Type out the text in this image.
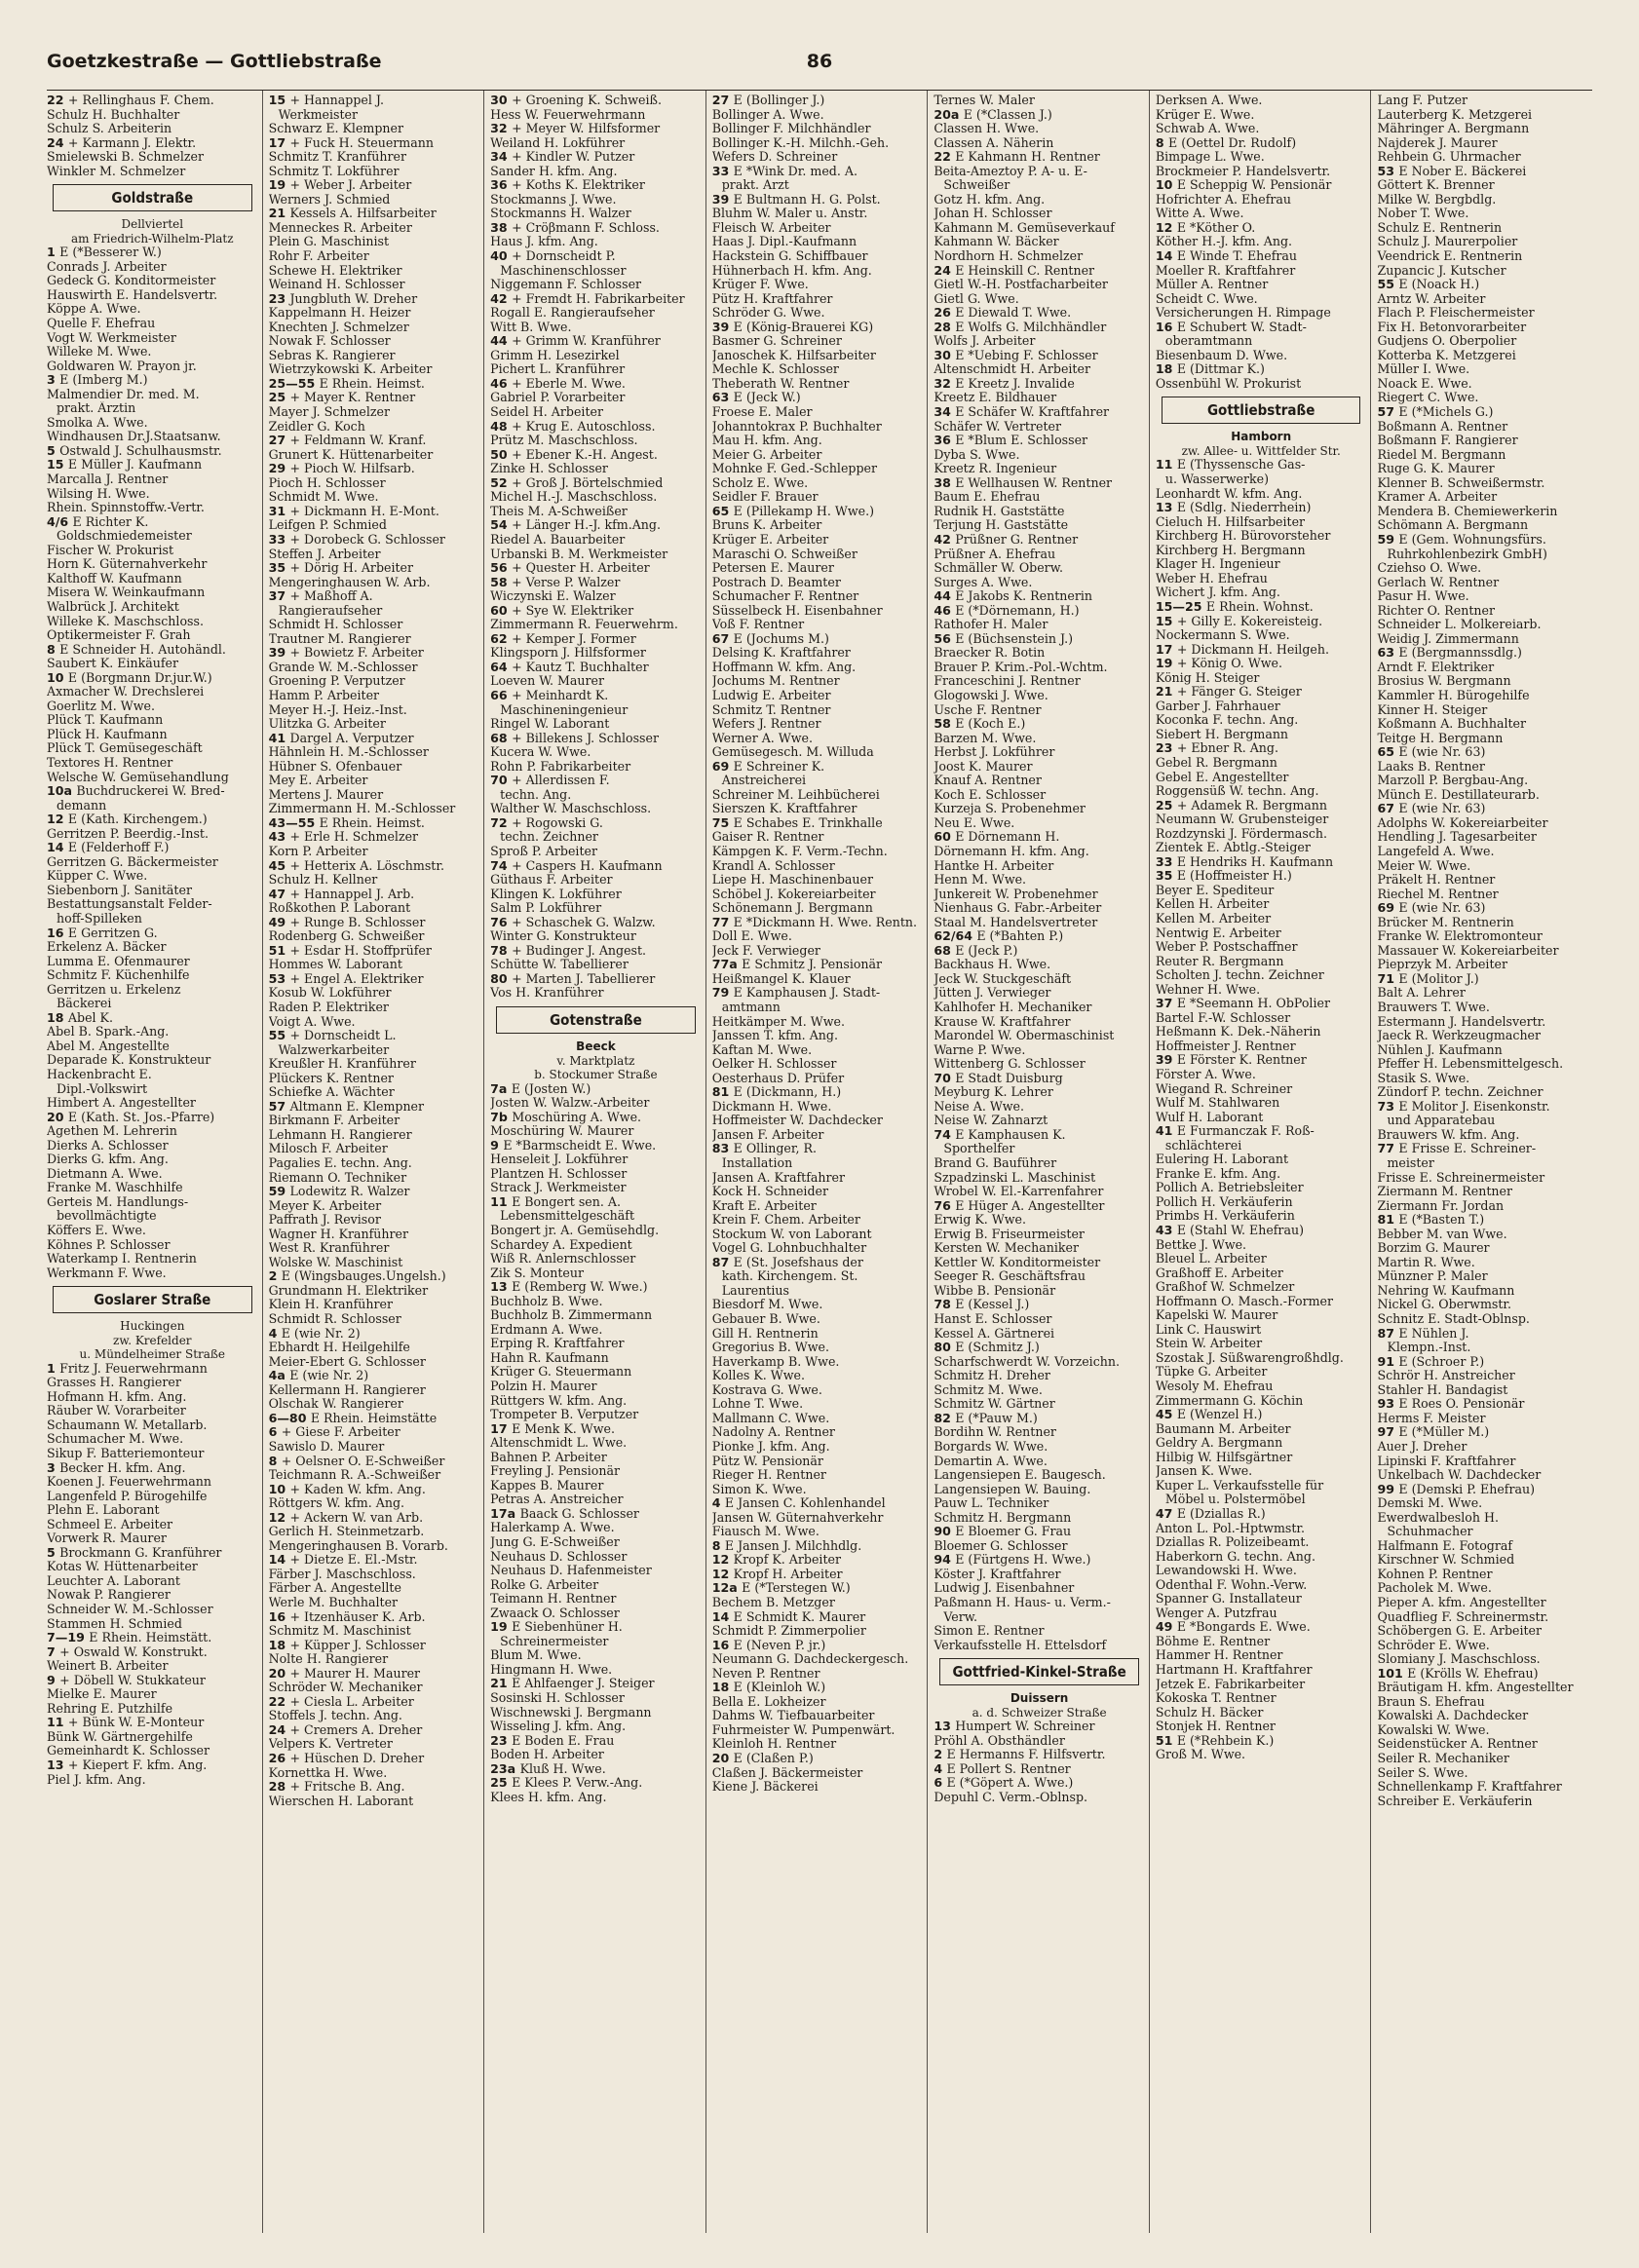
Goetzkestraße — Gottliebstraße	86
22 + Rellinghaus F. Chem.
Schulz H. Buchhalter
Schulz S. Arbeiterin
24 + Karmann J. Elektr.
Smielewski B. Schmelzer
Winkler M. Schmelzer
Goldstraße
Dellviertel
am Friedrich-Wilhelm-Platz
1 E (*Besserer W.)
Conrads J. Arbeiter
Gedeck G. Konditormeister
Hauswirth E. Handelsvertr.
Köppe A. Wwe.
Quelle F. Ehefrau
Vogt W. Werkmeister
Willeke M. Wwe.
Goldwaren W. Prayon jr.
3 E (Imberg M.)
Malmendier Dr. med. M.
prakt. Ärztin
Smolka A. Wwe.
Windhausen Dr.J.Staatsanw.
5 Ostwald J. Schulhausmstr.
15 E Müller J. Kaufmann
Marcalla J. Rentner
Wilsing H. Wwe.
Rhein. Spinnstoffw.-Vertr.
4/6 E Richter K.
Goldschmiedemeister
Fischer W. Prokurist
Horn K. Güternahverkehr
Kalthoff W. Kaufmann
Misera W. Weinkaufmann
Walbrück J. Architekt
Willeke K. Maschschloss.
Optikermeister F. Grah
8 E Schneider H. Autohändl.
Saubert K. Einkäufer
10 E (Borgmann Dr.jur.W.)
Axmacher W. Drechslerei
Goerlitz M. Wwe.
Plück T. Kaufmann
Plück H. Kaufmann
Plück T. Gemüsegeschäft
Textores H. Rentner
Welsche W. Gemüsehandlung
10a Buchdruckerei W. Bred-
demann
12 E (Kath. Kirchengem.)
Gerritzen P. Beerdig.-Inst.
14 E (Felderhoff F.)
Gerritzen G. Bäckermeister
Küpper C. Wwe.
Siebenborn J. Sanitäter
Bestattungsanstalt Felder-
hoff-Spilleken
16 E Gerritzen G.
Erkelenz A. Bäcker
Lumma E. Ofenmaurer
Schmitz F. Küchenhilfe
Gerritzen u. Erkelenz
Bäckerei
18 Abel K.
Abel B. Spark.-Ang.
Abel M. Angestellte
Deparade K. Konstrukteur
Hackenbracht E.
Dipl.-Volkswirt
Himbert A. Angestellter
20 E (Kath. St. Jos.-Pfarre)
Agethen M. Lehrerin
Dierks A. Schlosser
Dierks G. kfm. Ang.
Dietmann A. Wwe.
Franke M. Waschhilfe
Gerteis M. Handlungs-
bevollmächtigte
Köffers E. Wwe.
Köhnes P. Schlosser
Waterkamp I. Rentnerin
Werkmann F. Wwe.
Goslarer Straße
Huckingen
zw. Krefelder
u. Mündelheimer Straße
1 Fritz J. Feuerwehrmann
Grasses H. Rangierer
Hofmann H. kfm. Ang.
Räuber W. Vorarbeiter
Schaumann W. Metallarb.
Schumacher M. Wwe.
Sikup F. Batteriemonteur
3 Becker H. kfm. Ang.
Koenen J. Feuerwehrmann
Langenfeld P. Bürogehilfe
Plehn E. Laborant
Schmeel E. Arbeiter
Vorwerk R. Maurer
5 Brockmann G. Kranführer
Kotas W. Hüttenarbeiter
Leuchter A. Laborant
Nowak P. Rangierer
Schneider W. M.-Schlosser
Stammen H. Schmied
7—19 E Rhein. Heimstätt.
7 + Oswald W. Konstrukt.
Weinert B. Arbeiter
9 + Döbell W. Stukkateur
Mielke E. Maurer
Rehring E. Putzhilfe
11 + Bünk W. E-Monteur
Bünk W. Gärtnergehilfe
Gemeinhardt K. Schlosser
13 + Kiepert F. kfm. Ang.
Piel J. kfm. Ang.
15 + Hannappel J.
Werkmeister
Schwarz E. Klempner
17 + Fuck H. Steuermann
Schmitz T. Kranführer
Schmitz T. Lokführer
19 + Weber J. Arbeiter
Werners J. Schmied
21 Kessels A. Hilfsarbeiter
Menneckes R. Arbeiter
Plein G. Maschinist
Rohr F. Arbeiter
Schewe H. Elektriker
Weinand H. Schlosser
23 Jungbluth W. Dreher
Kappelmann H. Heizer
Knechten J. Schmelzer
Nowak F. Schlosser
Sebras K. Rangierer
Wietrzykowski K. Arbeiter
25—55 E Rhein. Heimst.
25 + Mayer K. Rentner
Mayer J. Schmelzer
Zeidler G. Koch
27 + Feldmann W. Kranf.
Grunert K. Hüttenarbeiter
29 + Pioch W. Hilfsarb.
Pioch H. Schlosser
Schmidt M. Wwe.
31 + Dickmann H. E-Mont.
Leifgen P. Schmied
33 + Dorobeck G. Schlosser
Steffen J. Arbeiter
35 + Dörig H. Arbeiter
Mengeringhausen W. Arb.
37 + Maßhoff A.
Rangieraufseher
Schmidt H. Schlosser
Trautner M. Rangierer
39 + Bowietz F. Arbeiter
Grande W. M.-Schlosser
Groening P. Verputzer
Hamm P. Arbeiter
Meyer H.-J. Heiz.-Inst.
Ulitzka G. Arbeiter
41 Dargel A. Verputzer
Hähnlein H. M.-Schlosser
Hübner S. Ofenbauer
Mey E. Arbeiter
Mertens J. Maurer
Zimmermann H. M.-Schlosser
43—55 E Rhein. Heimst.
43 + Erle H. Schmelzer
Korn P. Arbeiter
45 + Hetterix A. Löschmstr.
Schulz H. Kellner
47 + Hannappel J. Arb.
Roßkothen P. Laborant
49 + Runge B. Schlosser
Rodenberg G. Schweißer
51 + Esdar H. Stoffprüfer
Hommes W. Laborant
53 + Engel A. Elektriker
Kosub W. Lokführer
Raden P. Elektriker
Voigt A. Wwe.
55 + Dornscheidt L.
Walzwerkarbeiter
Kreußler H. Kranführer
Plückers K. Rentner
Schiefke A. Wächter
57 Altmann E. Klempner
Birkmann F. Arbeiter
Lehmann H. Rangierer
Milosch F. Arbeiter
Pagalies E. techn. Ang.
Riemann O. Techniker
59 Lodewitz R. Walzer
Meyer K. Arbeiter
Paffrath J. Revisor
Wagner H. Kranführer
West R. Kranführer
Wolske W. Maschinist
2 E (Wingsbauges.Ungelsh.)
Grundmann H. Elektriker
Klein H. Kranführer
Schmidt R. Schlosser
4 E (wie Nr. 2)
Ebhardt H. Heilgehilfe
Meier-Ebert G. Schlosser
4a E (wie Nr. 2)
Kellermann H. Rangierer
Olschak W. Rangierer
6—80 E Rhein. Heimstätte
6 + Giese F. Arbeiter
Sawislo D. Maurer
8 + Oelsner O. E-Schweißer
Teichmann R. A.-Schweißer
10 + Kaden W. kfm. Ang.
Röttgers W. kfm. Ang.
12 + Ackern W. van Arb.
Gerlich H. Steinmetzarb.
Mengeringhausen B. Vorarb.
14 + Dietze E. El.-Mstr.
Färber J. Maschschloss.
Färber A. Angestellte
Werle M. Buchhalter
16 + Itzenhäuser K. Arb.
Schmitz M. Maschinist
18 + Küpper J. Schlosser
Nolte H. Rangierer
20 + Maurer H. Maurer
Schröder W. Mechaniker
22 + Ciesla L. Arbeiter
Stoffels J. techn. Ang.
24 + Cremers A. Dreher
Velpers K. Vertreter
26 + Hüschen D. Dreher
Kornettka H. Wwe.
28 + Fritsche B. Ang.
Wierschen H. Laborant
30 + Groening K. Schweiß.
Hess W. Feuerwehrmann
32 + Meyer W. Hilfsformer
Weiland H. Lokführer
34 + Kindler W. Putzer
Sander H. kfm. Ang.
36 + Koths K. Elektriker
Stockmanns J. Wwe.
Stockmanns H. Walzer
38 + Cröβmann F. Schloss.
Haus J. kfm. Ang.
40 + Dornscheidt P.
Maschinenschlosser
Niggemann F. Schlosser
42 + Fremdt H. Fabrikarbeiter
Rogall E. Rangieraufseher
Witt B. Wwe.
44 + Grimm W. Kranführer
Grimm H. Lesezirkel
Pichert L. Kranführer
46 + Eberle M. Wwe.
Gabriel P. Vorarbeiter
Seidel H. Arbeiter
48 + Krug E. Autoschloss.
Prütz M. Maschschloss.
50 + Ebener K.-H. Angest.
Zinke H. Schlosser
52 + Groß J. Börtelschmied
Michel H.-J. Maschschloss.
Theis M. A-Schweißer
54 + Länger H.-J. kfm.Ang.
Riedel A. Bauarbeiter
Urbanski B. M. Werkmeister
56 + Quester H. Arbeiter
58 + Verse P. Walzer
Wiczynski E. Walzer
60 + Sye W. Elektriker
Zimmermann R. Feuerwehrm.
62 + Kemper J. Former
Klingsporn J. Hilfsformer
64 + Kautz T. Buchhalter
Loeven W. Maurer
66 + Meinhardt K.
Maschineningenieur
Ringel W. Laborant
68 + Billekens J. Schlosser
Kucera W. Wwe.
Rohn P. Fabrikarbeiter
70 + Allerdissen F.
techn. Ang.
Walther W. Maschschloss.
72 + Rogowski G.
techn. Zeichner
Sproß P. Arbeiter
74 + Caspers H. Kaufmann
Güthaus F. Arbeiter
Klingen K. Lokführer
Salm P. Lokführer
76 + Schaschek G. Walzw.
Winter G. Konstrukteur
78 + Budinger J. Angest.
Schütte W. Tabellierer
80 + Marten J. Tabellierer
Vos H. Kranführer
Gotenstraße
Beeck
v. Marktplatz
b. Stockumer Straße
7a E (Josten W.)
Josten W. Walzw.-Arbeiter
7b Moschüring A. Wwe.
Moschüring W. Maurer
9 E *Barmscheidt E. Wwe.
Henseleit J. Lokführer
Plantzen H. Schlosser
Strack J. Werkmeister
11 E Bongert sen. A.
Lebensmittelgeschäft
Bongert jr. A. Gemüsehdlg.
Schardey A. Expedient
Wiß R. Anlernschlosser
Zik S. Monteur
13 E (Remberg W. Wwe.)
Buchholz B. Wwe.
Buchholz B. Zimmermann
Erdmann A. Wwe.
Erping R. Kraftfahrer
Hahn R. Kaufmann
Krüger G. Steuermann
Polzin H. Maurer
Rüttgers W. kfm. Ang.
Trompeter B. Verputzer
17 E Menk K. Wwe.
Altenschmidt L. Wwe.
Bahnen P. Arbeiter
Freyling J. Pensionär
Kappes B. Maurer
Petras A. Anstreicher
17a Baack G. Schlosser
Halerkamp A. Wwe.
Jung G. E-Schweißer
Neuhaus D. Schlosser
Neuhaus D. Hafenmeister
Rolke G. Arbeiter
Teimann H. Rentner
Zwaack O. Schlosser
19 E Siebenhüner H.
Schreinermeister
Blum M. Wwe.
Hingmann H. Wwe.
21 E Ahlfaenger J. Steiger
Sosinski H. Schlosser
Wischnewski J. Bergmann
Wisseling J. kfm. Ang.
23 E Boden E. Frau
Boden H. Arbeiter
23a Kluß H. Wwe.
25 E Klees P. Verw.-Ang.
Klees H. kfm. Ang.
27 E (Bollinger J.)
Bollinger A. Wwe.
Bollinger F. Milchhändler
Bollinger K.-H. Milchh.-Geh.
Wefers D. Schreiner
33 E *Wink Dr. med. A.
prakt. Arzt
39 E Bultmann H. G. Polst.
Bluhm W. Maler u. Anstr.
Fleisch W. Arbeiter
Haas J. Dipl.-Kaufmann
Hackstein G. Schiffbauer
Hühnerbach H. kfm. Ang.
Krüger F. Wwe.
Pütz H. Kraftfahrer
Schröder G. Wwe.
39 E (König-Brauerei KG)
Basmer G. Schreiner
Janoschek K. Hilfsarbeiter
Mechle K. Schlosser
Theberath W. Rentner
63 E (Jeck W.)
Froese E. Maler
Johanntokrax P. Buchhalter
Mau H. kfm. Ang.
Meier G. Arbeiter
Mohnke F. Ged.-Schlepper
Scholz E. Wwe.
Seidler F. Brauer
65 E (Pillekamp H. Wwe.)
Bruns K. Arbeiter
Krüger E. Arbeiter
Maraschi O. Schweißer
Petersen E. Maurer
Postrach D. Beamter
Schumacher F. Rentner
Süsselbeck H. Eisenbahner
Voß F. Rentner
67 E (Jochums M.)
Delsing K. Kraftfahrer
Hoffmann W. kfm. Ang.
Jochums M. Rentner
Ludwig E. Arbeiter
Schmitz T. Rentner
Wefers J. Rentner
Werner A. Wwe.
Gemüsegesch. M. Willuda
69 E Schreiner K.
Anstreicherei
Schreiner M. Leihbücherei
Sierszen K. Kraftfahrer
75 E Schabes E. Trinkhalle
Gaiser R. Rentner
Kämpgen K. F. Verm.-Techn.
Krandl A. Schlosser
Liepe H. Maschinenbauer
Schöbel J. Kokereiarbeiter
Schönemann J. Bergmann
77 E *Dickmann H. Wwe. Rentn.
Doll E. Wwe.
Jeck F. Verwieger
77a E Schmitz J. Pensionär
Heißmangel K. Klauer
79 E Kamphausen J. Stadt-
amtmann
Heitkämper M. Wwe.
Janssen T. kfm. Ang.
Kaftan M. Wwe.
Oelker H. Schlosser
Oesterhaus D. Prüfer
81 E (Dickmann, H.)
Dickmann H. Wwe.
Hoffmeister W. Dachdecker
Jansen F. Arbeiter
83 E Ollinger, R.
Installation
Jansen A. Kraftfahrer
Kock H. Schneider
Kraft E. Arbeiter
Krein F. Chem. Arbeiter
Stockum W. von Laborant
Vogel G. Lohnbuchhalter
87 E (St. Josefshaus der
kath. Kirchengem. St.
Laurentius
Biesdorf M. Wwe.
Gebauer B. Wwe.
Gill H. Rentnerin
Gregorius B. Wwe.
Haverkamp B. Wwe.
Kolles K. Wwe.
Kostrava G. Wwe.
Lohne T. Wwe.
Mallmann C. Wwe.
Nadolny A. Rentner
Pionke J. kfm. Ang.
Pütz W. Pensionär
Rieger H. Rentner
Simon K. Wwe.
4 E Jansen C. Kohlenhandel
Jansen W. Güternahverkehr
Fiausch M. Wwe.
8 E Jansen J. Milchhdlg.
12 Kropf K. Arbeiter
12 Kropf H. Arbeiter
12a E (*Terstegen W.)
Bechem B. Metzger
14 E Schmidt K. Maurer
Schmidt P. Zimmerpolier
16 E (Neven P. jr.)
Neumann G. Dachdeckergesch.
Neven P. Rentner
18 E (Kleinloh W.)
Bella E. Lokheizer
Dahms W. Tiefbauarbeiter
Fuhrmeister W. Pumpenwärt.
Kleinloh H. Rentner
20 E (Claßen P.)
Claßen J. Bäckermeister
Kiene J. Bäckerei
Ternes W. Maler
20a E (*Classen J.)
Classen H. Wwe.
Classen A. Näherin
22 E Kahmann H. Rentner
Beita-Ameztoy P. A- u. E-
Schweißer
Gotz H. kfm. Ang.
Johan H. Schlosser
Kahmann M. Gemüseverkauf
Kahmann W. Bäcker
Nordhorn H. Schmelzer
24 E Heinskill C. Rentner
Gietl W.-H. Postfacharbeiter
Gietl G. Wwe.
26 E Diewald T. Wwe.
28 E Wolfs G. Milchhändler
Wolfs J. Arbeiter
30 E *Uebing F. Schlosser
Altenschmidt H. Arbeiter
32 E Kreetz J. Invalide
Kreetz E. Bildhauer
34 E Schäfer W. Kraftfahrer
Schäfer W. Vertreter
36 E *Blum E. Schlosser
Dyba S. Wwe.
Kreetz R. Ingenieur
38 E Wellhausen W. Rentner
Baum E. Ehefrau
Rudnik H. Gaststätte
Terjung H. Gaststätte
42 Prüßner G. Rentner
Prüßner A. Ehefrau
Schmäller W. Oberw.
Surges A. Wwe.
44 E Jakobs K. Rentnerin
46 E (*Dörnemann, H.)
Rathofer H. Maler
56 E (Büchsenstein J.)
Braecker R. Botin
Brauer P. Krim.-Pol.-Wchtm.
Franceschini J. Rentner
Glogowski J. Wwe.
Usche F. Rentner
58 E (Koch E.)
Barzen M. Wwe.
Herbst J. Lokführer
Joost K. Maurer
Knauf A. Rentner
Koch E. Schlosser
Kurzeja S. Probenehmer
Neu E. Wwe.
60 E Dörnemann H.
Dörnemann H. kfm. Ang.
Hantke H. Arbeiter
Henn M. Wwe.
Junkereit W. Probenehmer
Nienhaus G. Fabr.-Arbeiter
Staal M. Handelsvertreter
62/64 E (*Bahten P.)
68 E (Jeck P.)
Backhaus H. Wwe.
Jeck W. Stuckgeschäft
Jütten J. Verwieger
Kahlhofer H. Mechaniker
Krause W. Kraftfahrer
Marondel W. Obermaschinist
Warne P. Wwe.
Wittenberg G. Schlosser
70 E Stadt Duisburg
Meyburg K. Lehrer
Neise A. Wwe.
Neise W. Zahnarzt
74 E Kamphausen K.
Sporthelfer
Brand G. Bauführer
Szpadzinski L. Maschinist
Wrobel W. El.-Karrenfahrer
76 E Hüger A. Angestellter
Erwig K. Wwe.
Erwig B. Friseurmeister
Kersten W. Mechaniker
Kettler W. Konditormeister
Seeger R. Geschäftsfrau
Wibbe B. Pensionär
78 E (Kessel J.)
Hanst E. Schlosser
Kessel A. Gärtnerei
80 E (Schmitz J.)
Scharfschwerdt W. Vorzeichn.
Schmitz H. Dreher
Schmitz M. Wwe.
Schmitz W. Gärtner
82 E (*Pauw M.)
Bordihn W. Rentner
Borgards W. Wwe.
Demartin A. Wwe.
Langensiepen E. Baugesch.
Langensiepen W. Bauing.
Pauw L. Techniker
Schmitz H. Bergmann
90 E Bloemer G. Frau
Bloemer G. Schlosser
94 E (Fürtgens H. Wwe.)
Köster J. Kraftfahrer
Ludwig J. Eisenbahner
Paßmann H. Haus- u. Verm.-
Verw.
Simon E. Rentner
Verkaufsstelle H. Ettelsdorf
Gottfried-Kinkel-Straße
Duissern
a. d. Schweizer Straße
13 Humpert W. Schreiner
Pröhl A. Obsthändler
2 E Hermanns F. Hilfsvertr.
4 E Pollert S. Rentner
6 E (*Göpert A. Wwe.)
Depuhl C. Verm.-Oblnsp.
Derksen A. Wwe.
Krüger E. Wwe.
Schwab A. Wwe.
8 E (Oettel Dr. Rudolf)
Bimpage L. Wwe.
Brockmeier P. Handelsvertr.
10 E Scheppig W. Pensionär
Hofrichter A. Ehefrau
Witte A. Wwe.
12 E *Köther O.
Köther H.-J. kfm. Ang.
14 E Winde T. Ehefrau
Moeller R. Kraftfahrer
Müller A. Rentner
Scheidt C. Wwe.
Versicherungen H. Rimpage
16 E Schubert W. Stadt-
oberamtmann
Biesenbaum D. Wwe.
18 E (Dittmar K.)
Ossenbühl W. Prokurist
Gottliebstraße
Hamborn
zw. Allee- u. Wittfelder Str.
11 E (Thyssensche Gas-
u. Wasserwerke)
Leonhardt W. kfm. Ang.
13 E (Sdlg. Niederrhein)
Cieluch H. Hilfsarbeiter
Kirchberg H. Bürovorsteher
Kirchberg H. Bergmann
Klager H. Ingenieur
Weber H. Ehefrau
Wichert J. kfm. Ang.
15—25 E Rhein. Wohnst.
15 + Gilly E. Kokereisteig.
Nockermann S. Wwe.
17 + Dickmann H. Heilgeh.
19 + König O. Wwe.
König H. Steiger
21 + Fänger G. Steiger
Garber J. Fahrhauer
Koconka F. techn. Ang.
Siebert H. Bergmann
23 + Ebner R. Ang.
Gebel R. Bergmann
Gebel E. Angestellter
Roggensüß W. techn. Ang.
25 + Adamek R. Bergmann
Neumann W. Grubensteiger
Rozdzynski J. Fördermasch.
Zientek E. Abtlg.-Steiger
33 E Hendriks H. Kaufmann
35 E (Hoffmeister H.)
Beyer E. Spediteur
Kellen H. Arbeiter
Kellen M. Arbeiter
Nentwig E. Arbeiter
Weber P. Postschaffner
Reuter R. Bergmann
Scholten J. techn. Zeichner
Wehner H. Wwe.
37 E *Seemann H. ObPolier
Bartel F.-W. Schlosser
Heßmann K. Dek.-Näherin
Hoffmeister J. Rentner
39 E Förster K. Rentner
Förster A. Wwe.
Wiegand R. Schreiner
Wulf M. Stahlwaren
Wulf H. Laborant
41 E Furmanczak F. Roß-
schlächterei
Eulering H. Laborant
Franke E. kfm. Ang.
Pollich A. Betriebsleiter
Pollich H. Verkäuferin
Primbs H. Verkäuferin
43 E (Stahl W. Ehefrau)
Bettke J. Wwe.
Bleuel L. Arbeiter
Graßhoff E. Arbeiter
Graßhof W. Schmelzer
Hoffmann O. Masch.-Former
Kapelski W. Maurer
Link C. Hauswirt
Stein W. Arbeiter
Szostak J. Süßwarengroßhdlg.
Tüpke G. Arbeiter
Wesoly M. Ehefrau
Zimmermann G. Köchin
45 E (Wenzel H.)
Baumann M. Arbeiter
Geldry A. Bergmann
Hilbig W. Hilfsgärtner
Jansen K. Wwe.
Kuper L. Verkaufsstelle für
Möbel u. Polstermöbel
47 E (Dziallas R.)
Anton L. Pol.-Hptwmstr.
Dziallas R. Polizeibeamt.
Haberkorn G. techn. Ang.
Lewandowski H. Wwe.
Odenthal F. Wohn.-Verw.
Spanner G. Installateur
Wenger A. Putzfrau
49 E *Bongards E. Wwe.
Böhme E. Rentner
Hammer H. Rentner
Hartmann H. Kraftfahrer
Jetzek E. Fabrikarbeiter
Kokoska T. Rentner
Schulz H. Bäcker
Stonjek H. Rentner
51 E (*Rehbein K.)
Groß M. Wwe.
Lang F. Putzer
Lauterberg K. Metzgerei
Mähringer A. Bergmann
Najderek J. Maurer
Rehbein G. Uhrmacher
53 E Nober E. Bäckerei
Göttert K. Brenner
Milke W. Bergbdlg.
Nober T. Wwe.
Schulz E. Rentnerin
Schulz J. Maurerpolier
Veendrick E. Rentnerin
Zupancic J. Kutscher
55 E (Noack H.)
Arntz W. Arbeiter
Flach P. Fleischermeister
Fix H. Betonvorarbeiter
Gudjens O. Oberpolier
Kotterba K. Metzgerei
Müller I. Wwe.
Noack E. Wwe.
Riegert C. Wwe.
57 E (*Michels G.)
Boßmann A. Rentner
Boßmann F. Rangierer
Riedel M. Bergmann
Ruge G. K. Maurer
Klenner B. Schweißermstr.
Kramer A. Arbeiter
Mendera B. Chemiewerkerin
Schömann A. Bergmann
59 E (Gem. Wohnungsfürs.
Ruhrkohlenbezirk GmbH)
Cziehso O. Wwe.
Gerlach W. Rentner
Pasur H. Wwe.
Richter O. Rentner
Schneider L. Molkereiarb.
Weidig J. Zimmermann
63 E (Bergmannssdlg.)
Arndt F. Elektriker
Brosius W. Bergmann
Kammler H. Bürogehilfe
Kinner H. Steiger
Koßmann A. Buchhalter
Teitge H. Bergmann
65 E (wie Nr. 63)
Laaks B. Rentner
Marzoll P. Bergbau-Ang.
Münch E. Destillateurarb.
67 E (wie Nr. 63)
Adolphs W. Kokereiarbeiter
Hendling J. Tagesarbeiter
Langefeld A. Wwe.
Meier W. Wwe.
Präkelt H. Rentner
Riechel M. Rentner
69 E (wie Nr. 63)
Brücker M. Rentnerin
Franke W. Elektromonteur
Massauer W. Kokereiarbeiter
Pieprzyk M. Arbeiter
71 E (Molitor J.)
Balt A. Lehrer
Brauwers T. Wwe.
Estermann J. Handelsvertr.
Jaeck R. Werkzeugmacher
Nühlen J. Kaufmann
Pfeffer H. Lebensmittelgesch.
Stasik S. Wwe.
Zündorf P. techn. Zeichner
73 E Molitor J. Eisenkonstr.
und Apparatebau
Brauwers W. kfm. Ang.
77 E Frisse E. Schreiner-
meister
Frisse E. Schreinermeister
Ziermann M. Rentner
Ziermann Fr. Jordan
81 E (*Basten T.)
Bebber M. van Wwe.
Borzim G. Maurer
Martin R. Wwe.
Münzner P. Maler
Nehring W. Kaufmann
Nickel G. Oberwmstr.
Schnitz E. Stadt-Oblnsp.
87 E Nühlen J.
Klempn.-Inst.
91 E (Schroer P.)
Schrör H. Anstreicher
Stahler H. Bandagist
93 E Roes O. Pensionär
Herms F. Meister
97 E (*Müller M.)
Auer J. Dreher
Lipinski F. Kraftfahrer
Unkelbach W. Dachdecker
99 E (Demski P. Ehefrau)
Demski M. Wwe.
Ewerdwalbesloh H.
Schuhmacher
Halfmann E. Fotograf
Kirschner W. Schmied
Kohnen P. Rentner
Pacholek M. Wwe.
Pieper A. kfm. Angestellter
Quadflieg F. Schreinermstr.
Schöbergen G. E. Arbeiter
Schröder E. Wwe.
Slomiany J. Maschschloss.
101 E (Krölls W. Ehefrau)
Bräutigam H. kfm. Angestellter
Braun S. Ehefrau
Kowalski A. Dachdecker
Kowalski W. Wwe.
Seidenstücker A. Rentner
Seiler R. Mechaniker
Seiler S. Wwe.
Schnellenkamp F. Kraftfahrer
Schreiber E. Verkäuferin
